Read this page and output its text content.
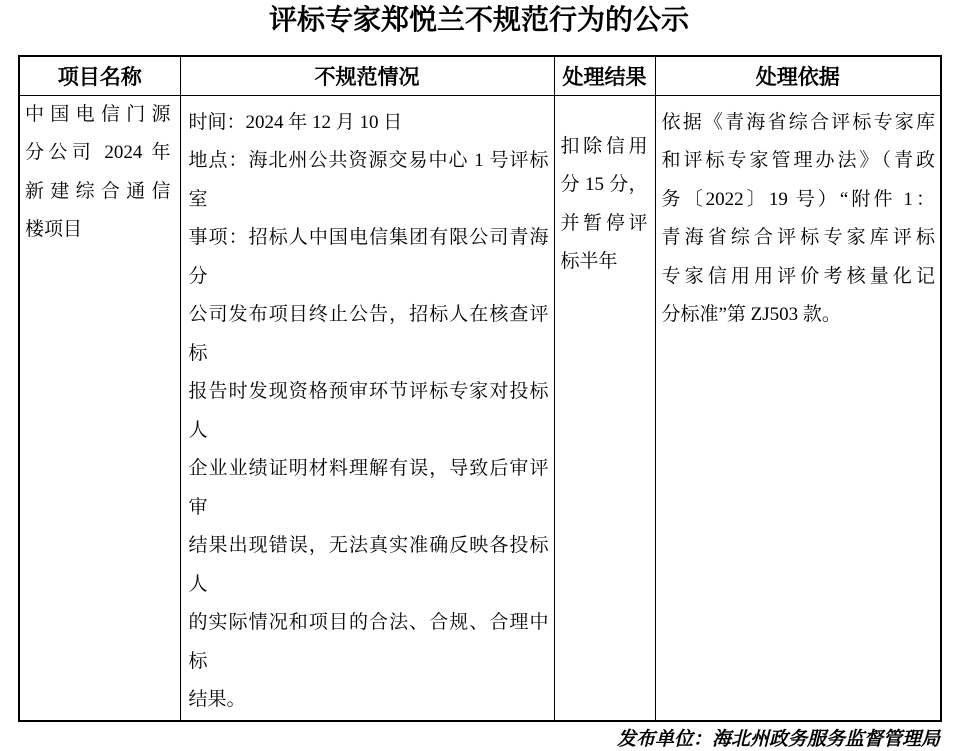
评标专家郑悦兰不规范行为的公示
项目名称	不规范情况	处理结果	处理依据

中国电信门源
分公司 2024 年
新建综合通信
楼项目

时间：2024 年 12 月 10 日
地点：海北州公共资源交易中心 1 号评标室
事项：招标人中国电信集团有限公司青海分
公司发布项目终止公告，招标人在核查评标
报告时发现资格预审环节评标专家对投标人
企业业绩证明材料理解有误，导致后审评审
结果出现错误，无法真实准确反映各投标人
的实际情况和项目的合法、合规、合理中标
结果。

扣除信用
分 15 分，
并暂停评
标半年

依据《青海省综合评标专家库
和评标专家管理办法》（青政
务〔2022〕19 号）“附件 1：
青海省综合评标专家库评标
专家信用用评价考核量化记
分标准”第 ZJ503 款。
发布单位：海北州政务服务监督管理局
